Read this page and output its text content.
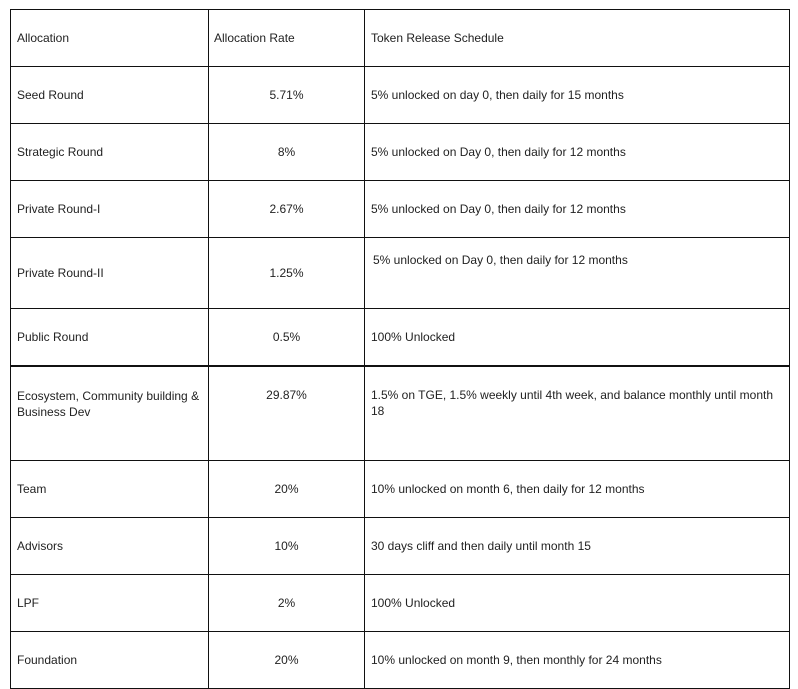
Allocation	Allocation Rate	Token Release Schedule
Seed Round	5.71%	5% unlocked on day 0, then daily for 15 months
Strategic Round	8%	5% unlocked on Day 0, then daily for 12 months
Private Round-I	2.67%	5% unlocked on Day 0, then daily for 12 months
Private Round-II	1.25%	5% unlocked on Day 0, then daily for 12 months
Public Round	0.5%	100% Unlocked
Ecosystem, Community building & Business Dev	29.87%	1.5% on TGE, 1.5% weekly until 4th week, and balance monthly until month 18
Team	20%	10% unlocked on month 6, then daily for 12 months
Advisors	10%	30 days cliff and then daily until month 15
LPF	2%	100% Unlocked
Foundation	20%	10% unlocked on month 9, then monthly for 24 months
